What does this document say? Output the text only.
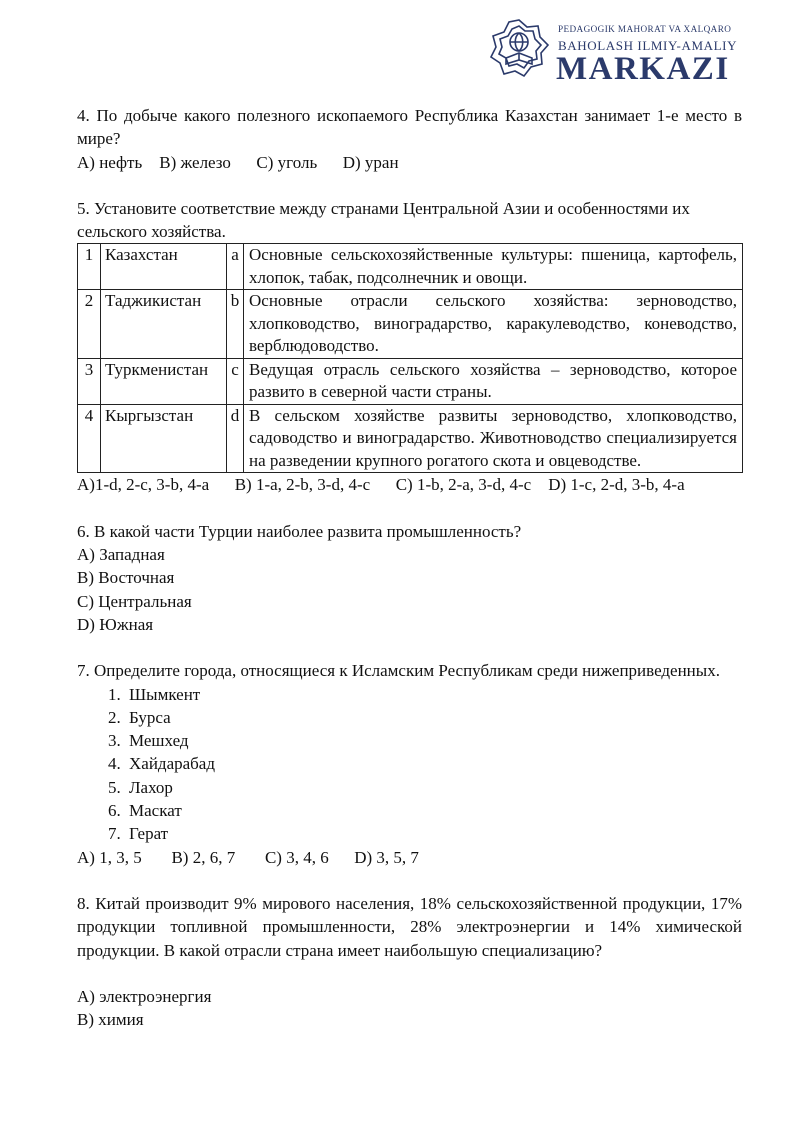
PEDAGOGIK MAHORAT VA XALQARO
BAHOLASH ILMIY-AMALIY
MARKAZI

4. По добыче какого полезного ископаемого Республика Казахстан занимает 1-е место в мире?

A) нефть B) железо C) уголь D) уран

5. Установите соответствие между странами Центральной Азии и особенностями их сельского хозяйства.

1	Казахстан	a	Основные сельскохозяйственные культуры: пшеница, картофель, хлопок, табак, подсолнечник и овощи.
2	Таджикистан	b	Основные отрасли сельского хозяйства: зерноводство, хлопководство, виноградарство, каракулеводство, коневодство, верблюдоводство.
3	Туркменистан	c	Ведущая отрасль сельского хозяйства – зерноводство, которое развито в северной части страны.
4	Кыргызстан	d	В сельском хозяйстве развиты зерноводство, хлопководство, садоводство и виноградарство. Животноводство специализируется на разведении крупного рогатого скота и овцеводстве.

A)1-d, 2-c, 3-b, 4-a B) 1-a, 2-b, 3-d, 4-c C) 1-b, 2-a, 3-d, 4-c D) 1-c, 2-d, 3-b, 4-a

6. В какой части Турции наиболее развита промышленность?

A) Западная

B) Восточная

C) Центральная

D) Южная

7. Определите города, относящиеся к Исламским Республикам среди нижеприведенных.

1. Шымкент
2. Бурса
3. Мешхед
4. Хайдарабад
5. Лахор
6. Маскат
7. Герат

A) 1, 3, 5 B) 2, 6, 7 C) 3, 4, 6 D) 3, 5, 7

8. Китай производит 9% мирового населения, 18% сельскохозяйственной продукции, 17% продукции топливной промышленности, 28% электроэнергии и 14% химической продукции. В какой отрасли страна имеет наибольшую специализацию?

A) электроэнергия

B) химия
